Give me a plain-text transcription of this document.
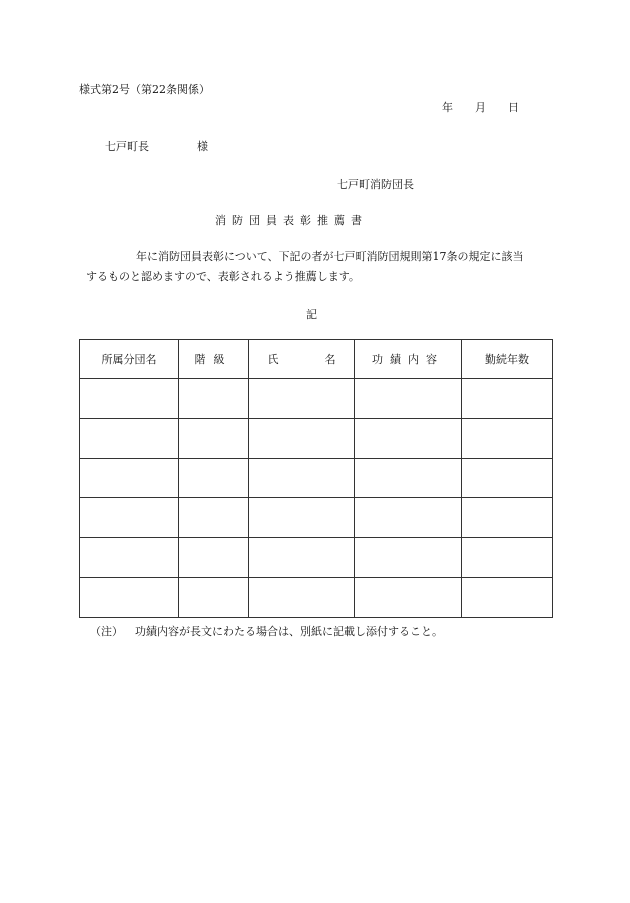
様式第2号（第22条関係）
年 月 日
七戸町長	様
七戸町消防団長
消防団員表彰推薦書
年に消防団員表彰について、下記の者が七戸町消防団規則第17条の規定に該当
するものと認めますので、表彰されるよう推薦します。
記
所属分団名	階級	氏 名	功績内容	勤続年数

（注） 功績内容が長文にわたる場合は、別紙に記載し添付すること。
